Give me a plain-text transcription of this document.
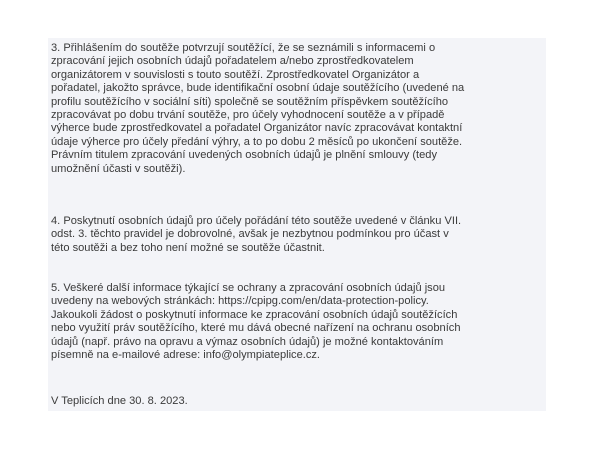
3. Přihlášením do soutěže potvrzují soutěžící, že se seznámili s informacemi o
zpracování jejich osobních údajů pořadatelem a/nebo zprostředkovatelem
organizátorem v souvislosti s touto soutěží. Zprostředkovatel Organizátor a
pořadatel, jakožto správce, bude identifikační osobní údaje soutěžícího (uvedené na
profilu soutěžícího v sociální síti) společně se soutěžním příspěvkem soutěžícího
zpracovávat po dobu trvání soutěže, pro účely vyhodnocení soutěže a v případě
výherce bude zprostředkovatel a pořadatel Organizátor navíc zpracovávat kontaktní
údaje výherce pro účely předání výhry, a to po dobu 2 měsíců po ukončení soutěže.
Právním titulem zpracování uvedených osobních údajů je plnění smlouvy (tedy
umožnění účasti v soutěži).
4. Poskytnutí osobních údajů pro účely pořádání této soutěže uvedené v článku VII.
odst. 3. těchto pravidel je dobrovolné, avšak je nezbytnou podmínkou pro účast v
této soutěži a bez toho není možné se soutěže účastnit.
5. Veškeré další informace týkající se ochrany a zpracování osobních údajů jsou
uvedeny na webových stránkách: https://cpipg.com/en/data-protection-policy.
Jakoukoli žádost o poskytnutí informace ke zpracování osobních údajů soutěžících
nebo využití práv soutěžícího, které mu dává obecné nařízení na ochranu osobních
údajů (např. právo na opravu a výmaz osobních údajů) je možné kontaktováním
písemně na e-mailové adrese: info@olympiateplice.cz.
V Teplicích dne 30. 8. 2023.
